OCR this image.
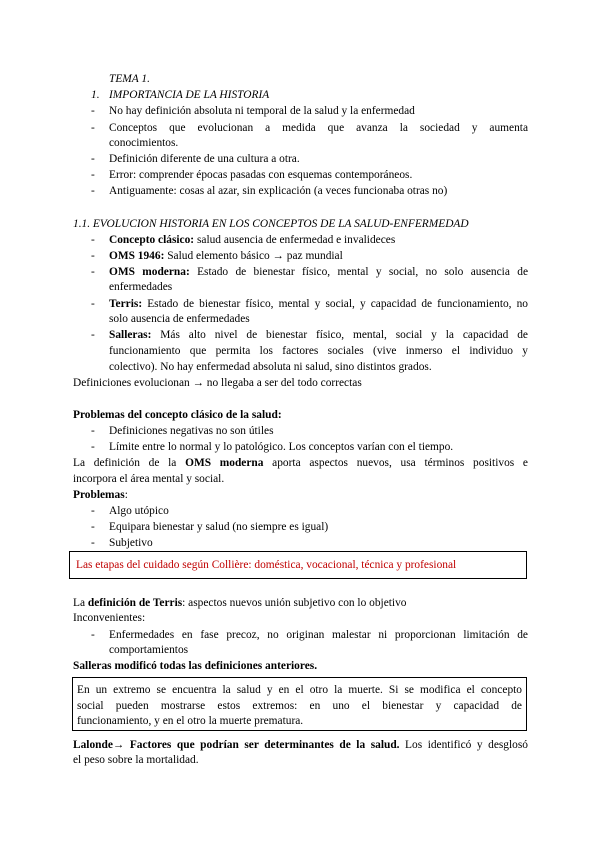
TEMA 1.
1. IMPORTANCIA DE LA HISTORIA
- No hay definición absoluta ni temporal de la salud y la enfermedad
- Conceptos que evolucionan a medida que avanza la sociedad y aumenta
conocimientos.
- Definición diferente de una cultura a otra.
- Error: comprender épocas pasadas con esquemas contemporáneos.
- Antiguamente: cosas al azar, sin explicación (a veces funcionaba otras no)
1.1. EVOLUCION HISTORIA EN LOS CONCEPTOS DE LA SALUD-ENFERMEDAD
- Concepto clásico: salud ausencia de enfermedad e invalideces
- OMS 1946: Salud elemento básico → paz mundial
- OMS moderna: Estado de bienestar físico, mental y social, no solo ausencia de
enfermedades
- Terris: Estado de bienestar físico, mental y social, y capacidad de funcionamiento, no
solo ausencia de enfermedades
- Salleras: Más alto nivel de bienestar físico, mental, social y la capacidad de
funcionamiento que permita los factores sociales (vive inmerso el individuo y
colectivo). No hay enfermedad absoluta ni salud, sino distintos grados.
Definiciones evolucionan → no llegaba a ser del todo correctas
Problemas del concepto clásico de la salud:
- Definiciones negativas no son útiles
- Límite entre lo normal y lo patológico. Los conceptos varían con el tiempo.
La definición de la OMS moderna aporta aspectos nuevos, usa términos positivos e
incorpora el área mental y social.
Problemas:
- Algo utópico
- Equipara bienestar y salud (no siempre es igual)
- Subjetivo
Las etapas del cuidado según Collière: doméstica, vocacional, técnica y profesional
La definición de Terris: aspectos nuevos unión subjetivo con lo objetivo
Inconvenientes:
- Enfermedades en fase precoz, no originan malestar ni proporcionan limitación de
comportamientos
Salleras modificó todas las definiciones anteriores.
En un extremo se encuentra la salud y en el otro la muerte. Si se modifica el concepto
social pueden mostrarse estos extremos: en uno el bienestar y capacidad de
funcionamiento, y en el otro la muerte prematura.
Lalonde→ Factores que podrían ser determinantes de la salud. Los identificó y desglosó
el peso sobre la mortalidad.
